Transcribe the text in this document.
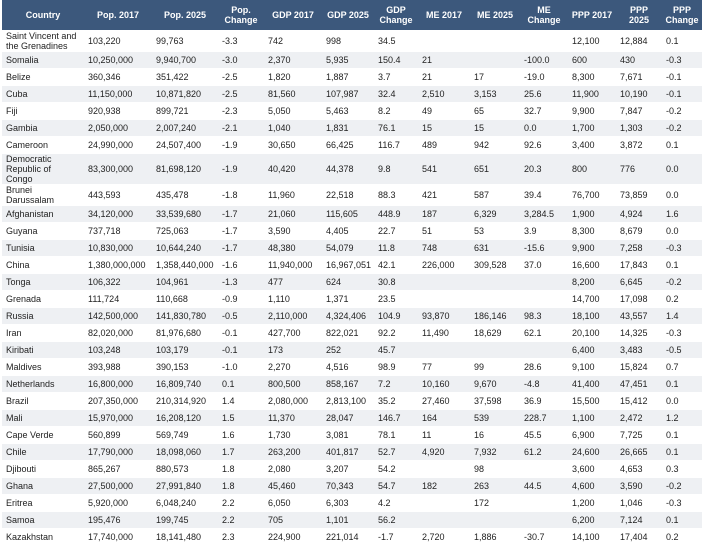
Country	Pop. 2017	Pop. 2025	Pop. Change	GDP 2017	GDP 2025	GDP Change	ME 2017	ME 2025	ME Change	PPP 2017	PPP 2025	PPP Change
Saint Vincent and the Grenadines	103,220	99,763	-3.3	742	998	34.5				12,100	12,884	0.1
Somalia	10,250,000	9,940,700	-3.0	2,370	5,935	150.4	21		-100.0	600	430	-0.3
Belize	360,346	351,422	-2.5	1,820	1,887	3.7	21	17	-19.0	8,300	7,671	-0.1
Cuba	11,150,000	10,871,820	-2.5	81,560	107,987	32.4	2,510	3,153	25.6	11,900	10,190	-0.1
Fiji	920,938	899,721	-2.3	5,050	5,463	8.2	49	65	32.7	9,900	7,847	-0.2
Gambia	2,050,000	2,007,240	-2.1	1,040	1,831	76.1	15	15	0.0	1,700	1,303	-0.2
Cameroon	24,990,000	24,507,400	-1.9	30,650	66,425	116.7	489	942	92.6	3,400	3,872	0.1
Democratic Republic of Congo	83,300,000	81,698,120	-1.9	40,420	44,378	9.8	541	651	20.3	800	776	0.0
Brunei Darussalam	443,593	435,478	-1.8	11,960	22,518	88.3	421	587	39.4	76,700	73,859	0.0
Afghanistan	34,120,000	33,539,680	-1.7	21,060	115,605	448.9	187	6,329	3,284.5	1,900	4,924	1.6
Guyana	737,718	725,063	-1.7	3,590	4,405	22.7	51	53	3.9	8,300	8,679	0.0
Tunisia	10,830,000	10,644,240	-1.7	48,380	54,079	11.8	748	631	-15.6	9,900	7,258	-0.3
China	1,380,000,000	1,358,440,000	-1.6	11,940,000	16,967,051	42.1	226,000	309,528	37.0	16,600	17,843	0.1
Tonga	106,322	104,961	-1.3	477	624	30.8				8,200	6,645	-0.2
Grenada	111,724	110,668	-0.9	1,110	1,371	23.5				14,700	17,098	0.2
Russia	142,500,000	141,830,780	-0.5	2,110,000	4,324,406	104.9	93,870	186,146	98.3	18,100	43,557	1.4
Iran	82,020,000	81,976,680	-0.1	427,700	822,021	92.2	11,490	18,629	62.1	20,100	14,325	-0.3
Kiribati	103,248	103,179	-0.1	173	252	45.7				6,400	3,483	-0.5
Maldives	393,988	390,153	-1.0	2,270	4,516	98.9	77	99	28.6	9,100	15,824	0.7
Netherlands	16,800,000	16,809,740	0.1	800,500	858,167	7.2	10,160	9,670	-4.8	41,400	47,451	0.1
Brazil	207,350,000	210,314,920	1.4	2,080,000	2,813,100	35.2	27,460	37,598	36.9	15,500	15,412	0.0
Mali	15,970,000	16,208,120	1.5	11,370	28,047	146.7	164	539	228.7	1,100	2,472	1.2
Cape Verde	560,899	569,749	1.6	1,730	3,081	78.1	11	16	45.5	6,900	7,725	0.1
Chile	17,790,000	18,098,060	1.7	263,200	401,817	52.7	4,920	7,932	61.2	24,600	26,665	0.1
Djibouti	865,267	880,573	1.8	2,080	3,207	54.2		98		3,600	4,653	0.3
Ghana	27,500,000	27,991,840	1.8	45,460	70,343	54.7	182	263	44.5	4,600	3,590	-0.2
Eritrea	5,920,000	6,048,240	2.2	6,050	6,303	4.2		172		1,200	1,046	-0.3
Samoa	195,476	199,745	2.2	705	1,101	56.2				6,200	7,124	0.1
Kazakhstan	17,740,000	18,141,480	2.3	224,900	221,014	-1.7	2,720	1,886	-30.7	14,100	17,404	0.2
